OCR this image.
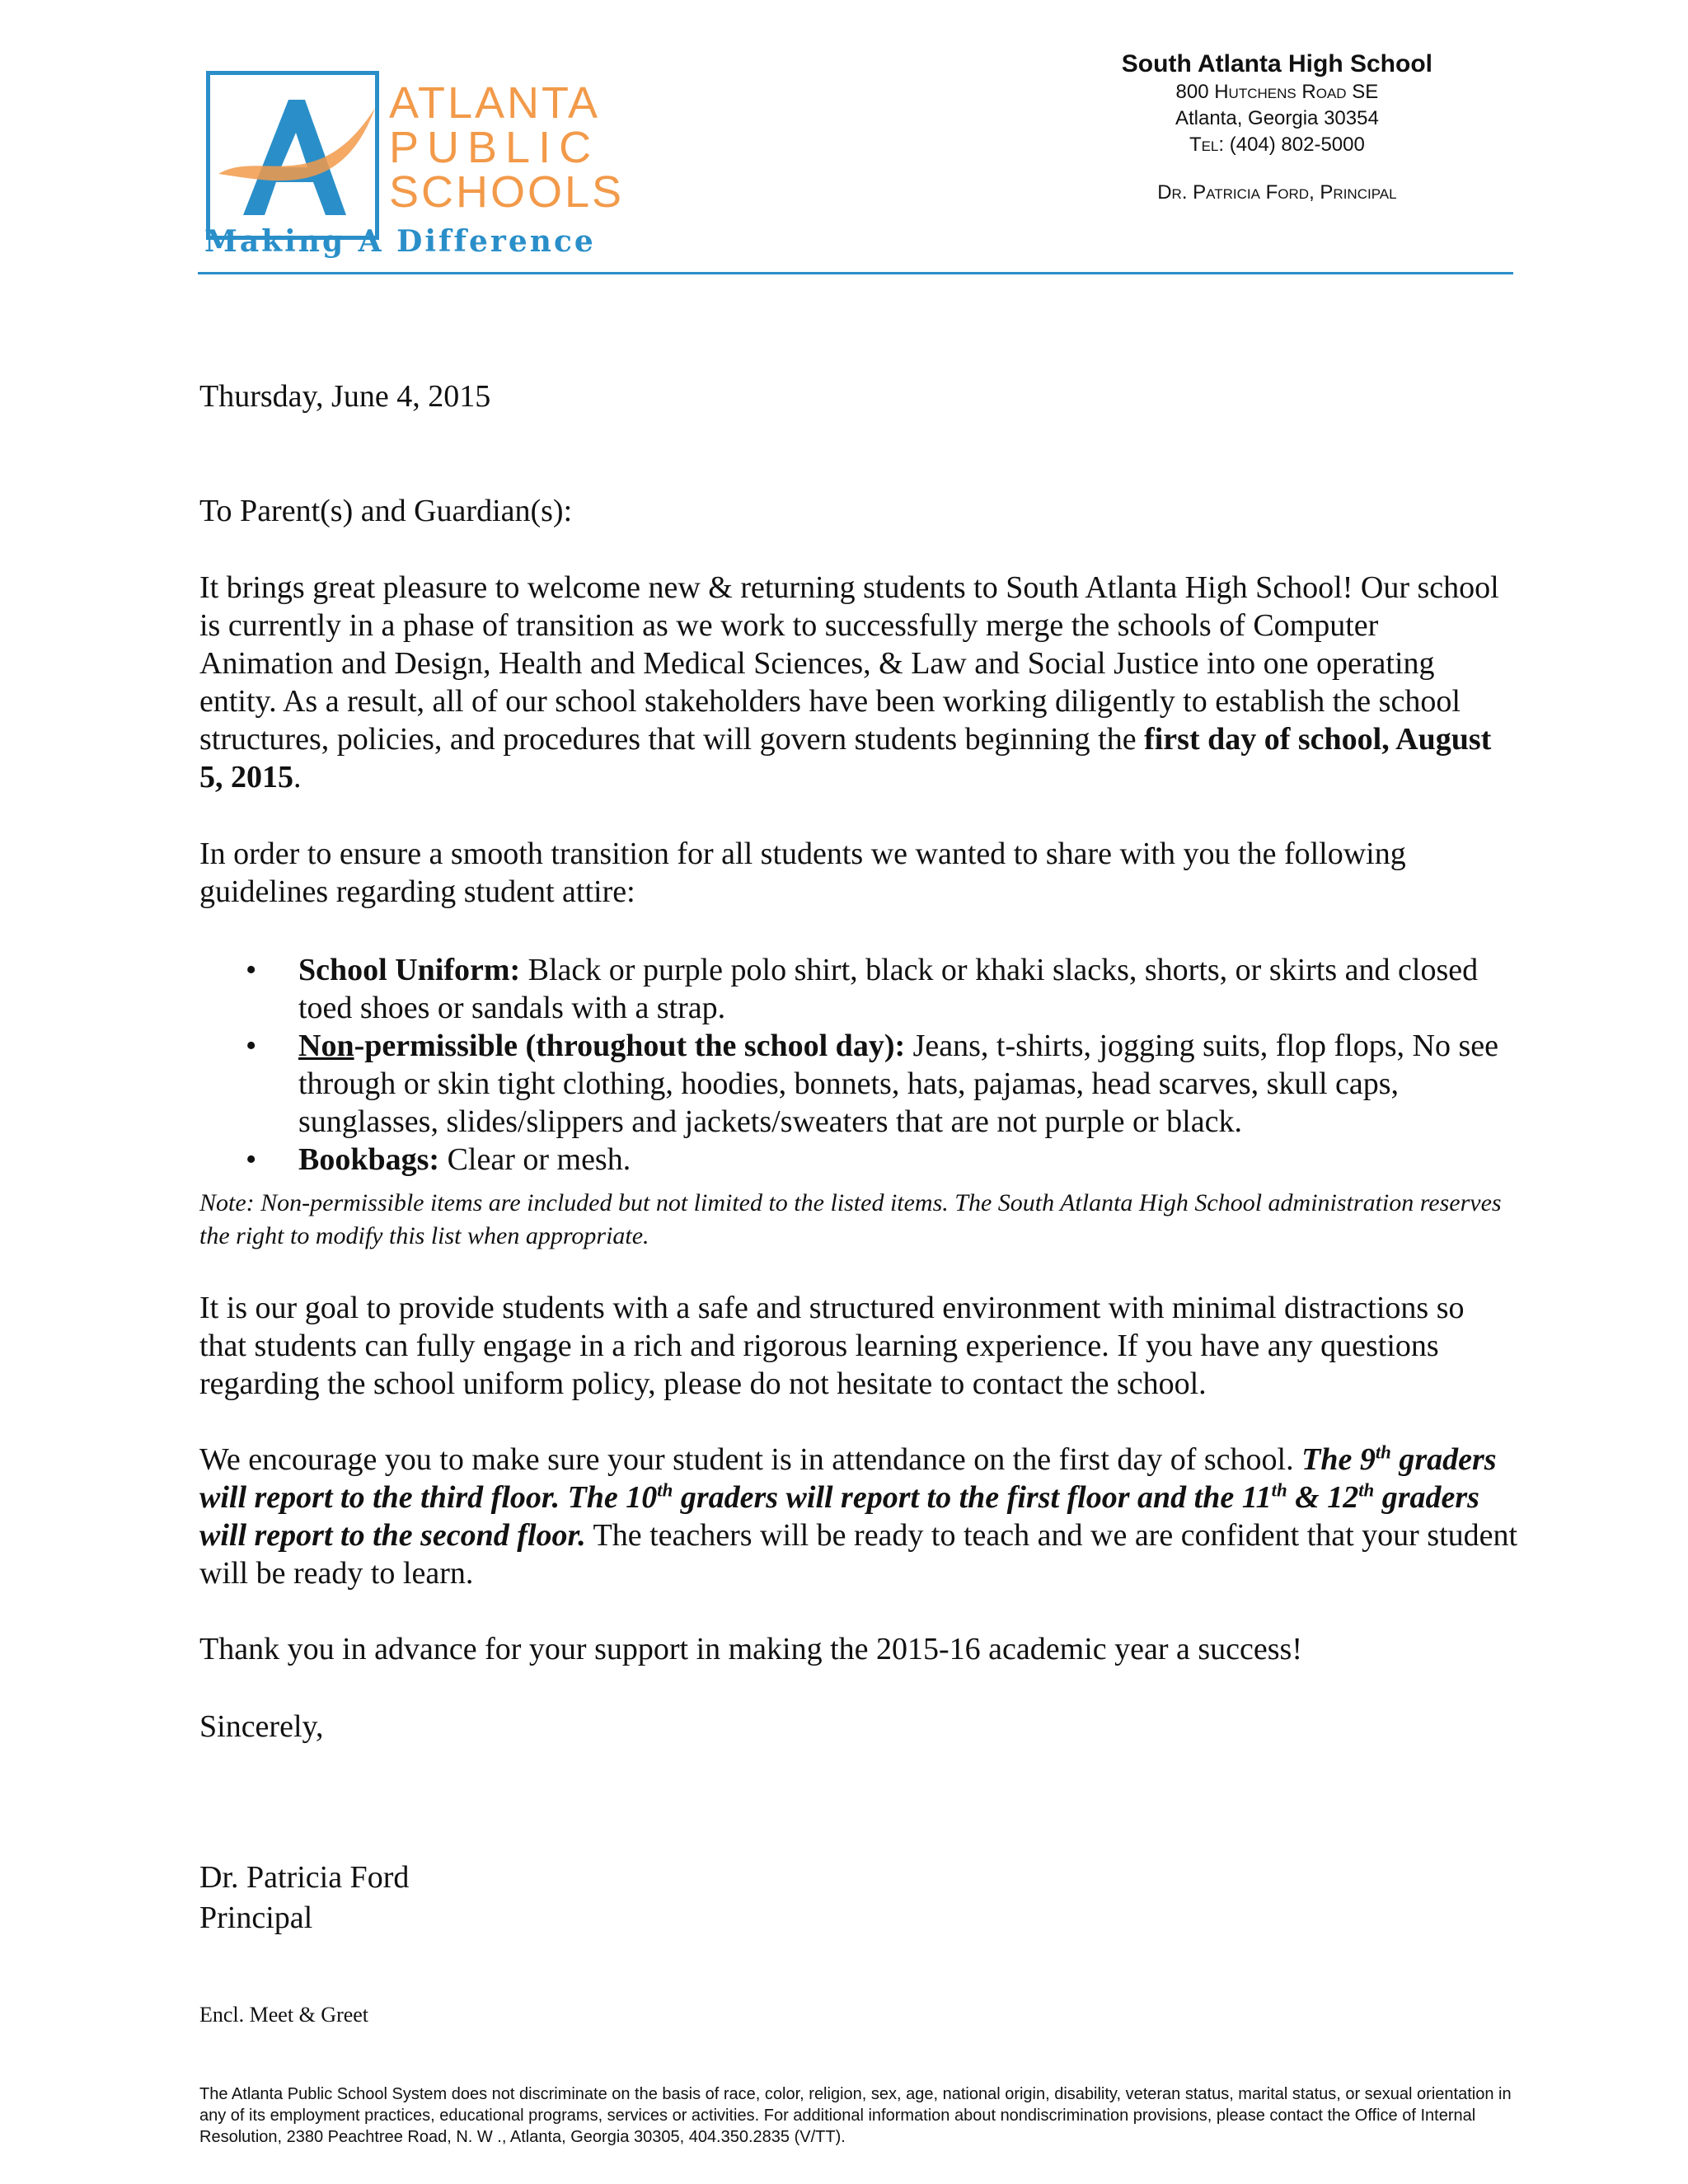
ATLANTA
PUBLIC
SCHOOLS
Making A Difference
South Atlanta High School
800 Hutchens Road SE
Atlanta, Georgia 30354
Tel: (404) 802-5000
Dr. Patricia Ford, Principal
Thursday, June 4, 2015
To Parent(s) and Guardian(s):
It brings great pleasure to welcome new & returning students to South Atlanta High School! Our school is currently in a phase of transition as we work to successfully merge the schools of Computer Animation and Design, Health and Medical Sciences, & Law and Social Justice into one operating entity. As a result, all of our school stakeholders have been working diligently to establish the school structures, policies, and procedures that will govern students beginning the first day of school, August 5, 2015.
In order to ensure a smooth transition for all students we wanted to share with you the following guidelines regarding student attire:
• School Uniform: Black or purple polo shirt, black or khaki slacks, shorts, or skirts and closed toed shoes or sandals with a strap.
• Non-permissible (throughout the school day): Jeans, t-shirts, jogging suits, flop flops, No see through or skin tight clothing, hoodies, bonnets, hats, pajamas, head scarves, skull caps, sunglasses, slides/slippers and jackets/sweaters that are not purple or black.
• Bookbags: Clear or mesh.
Note: Non-permissible items are included but not limited to the listed items. The South Atlanta High School administration reserves the right to modify this list when appropriate.
It is our goal to provide students with a safe and structured environment with minimal distractions so that students can fully engage in a rich and rigorous learning experience. If you have any questions regarding the school uniform policy, please do not hesitate to contact the school.
We encourage you to make sure your student is in attendance on the first day of school. The 9th graders will report to the third floor. The 10th graders will report to the first floor and the 11th & 12th graders will report to the second floor. The teachers will be ready to teach and we are confident that your student will be ready to learn.
Thank you in advance for your support in making the 2015-16 academic year a success!
Sincerely,
Dr. Patricia Ford
Principal
Encl. Meet & Greet
The Atlanta Public School System does not discriminate on the basis of race, color, religion, sex, age, national origin, disability, veteran status, marital status, or sexual orientation in any of its employment practices, educational programs, services or activities. For additional information about nondiscrimination provisions, please contact the Office of Internal Resolution, 2380 Peachtree Road, N. W ., Atlanta, Georgia 30305, 404.350.2835 (V/TT).
